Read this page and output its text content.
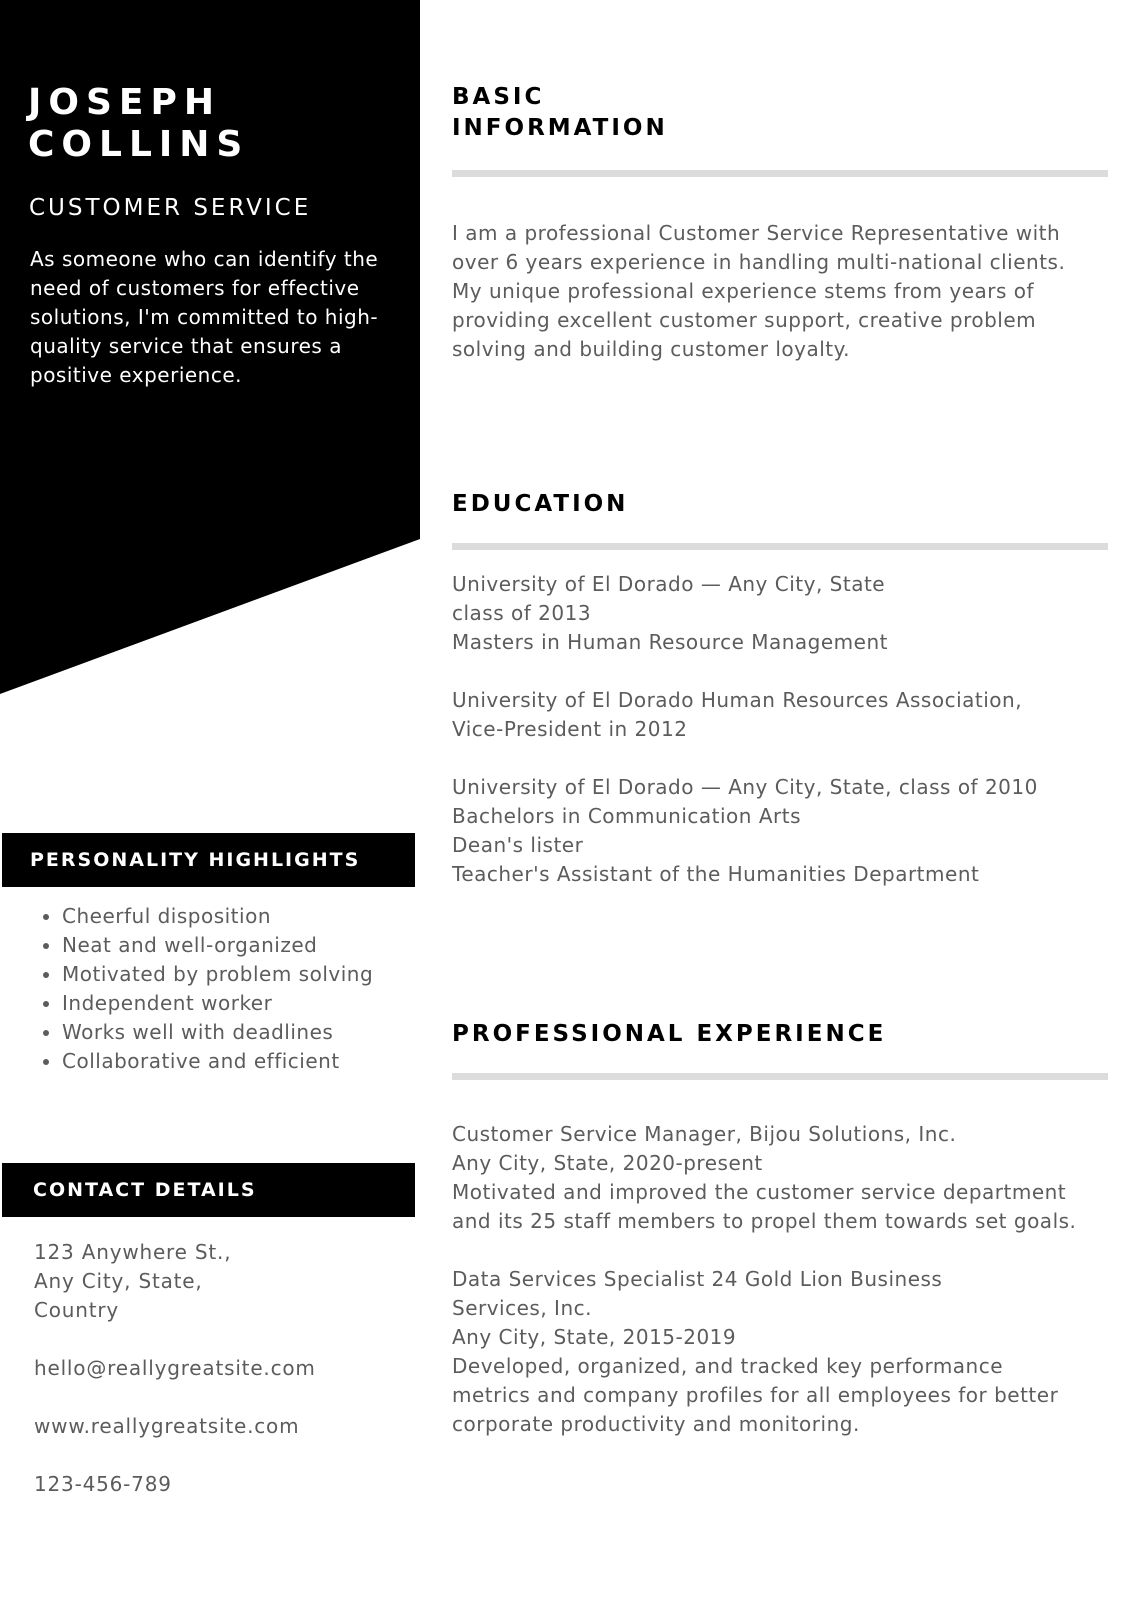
JOSEPH
COLLINS

CUSTOMER SERVICE

As someone who can identify the need of customers for effective solutions, I'm committed to high-quality service that ensures a positive experience.

PERSONALITY HIGHLIGHTS
• Cheerful disposition
• Neat and well-organized
• Motivated by problem solving
• Independent worker
• Works well with deadlines
• Collaborative and efficient
CONTACT DETAILS
123 Anywhere St.,
Any City, State,
Country
hello@reallygreatsite.com
www.reallygreatsite.com
123-456-789
BASIC
INFORMATION

I am a professional Customer Service Representative with over 6 years experience in handling multi-national clients. My unique professional experience stems from years of providing excellent customer support, creative problem solving and building customer loyalty.

EDUCATION
University of El Dorado — Any City, State
class of 2013
Masters in Human Resource Management
University of El Dorado Human Resources Association,
Vice-President in 2012
University of El Dorado — Any City, State, class of 2010
Bachelors in Communication Arts
Dean's lister
Teacher's Assistant of the Humanities Department
PROFESSIONAL EXPERIENCE
Customer Service Manager, Bijou Solutions, Inc.
Any City, State, 2020-present
Motivated and improved the customer service department
and its 25 staff members to propel them towards set goals.
Data Services Specialist 24 Gold Lion Business
Services, Inc.
Any City, State, 2015-2019
Developed, organized, and tracked key performance
metrics and company profiles for all employees for better
corporate productivity and monitoring.
